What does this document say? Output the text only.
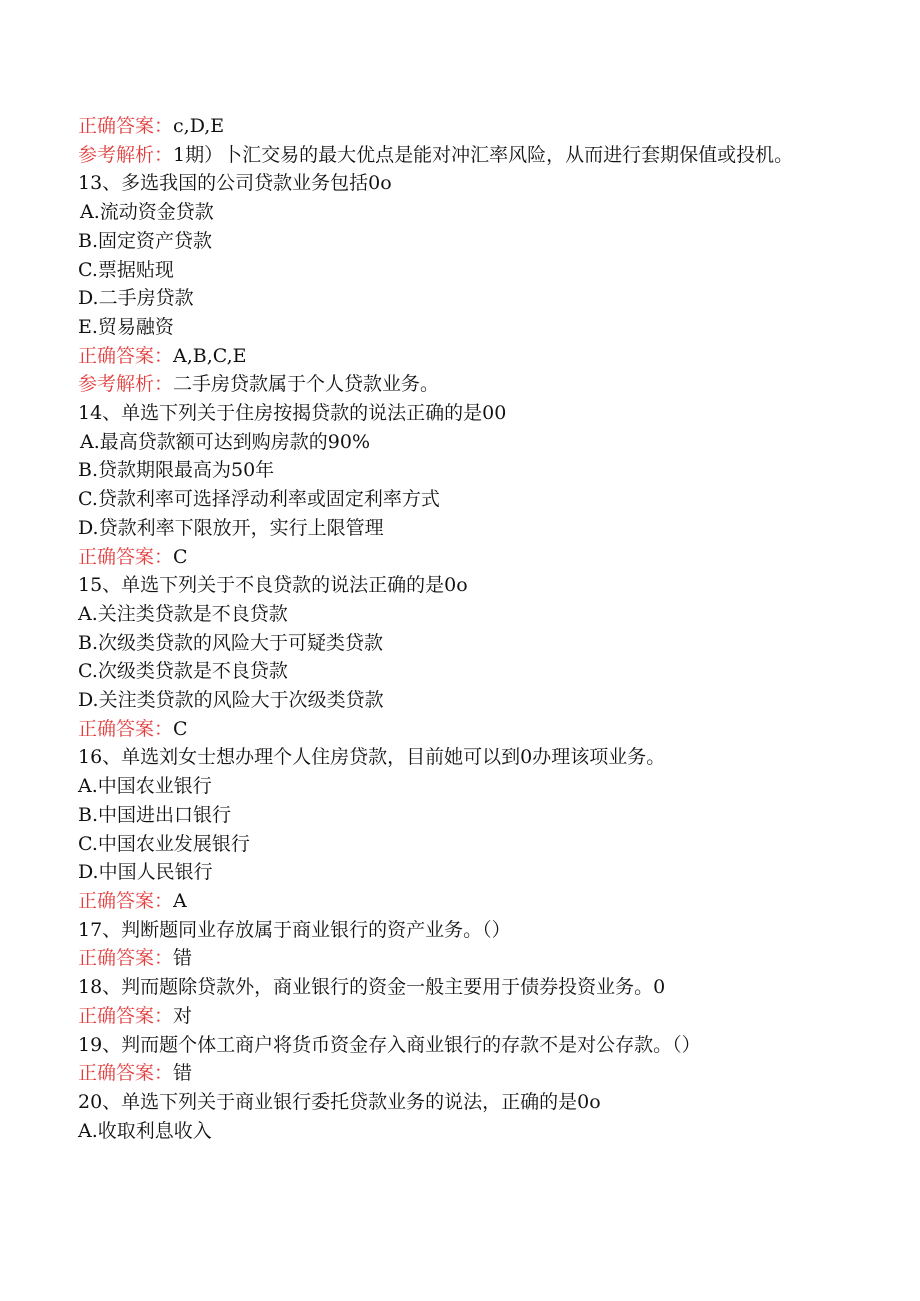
正确答案：c,D,E
参考解析：1期）卜汇交易的最大优点是能对冲汇率风险，从而进行套期保值或投机。
13、多选我国的公司贷款业务包括0o
A.流动资金贷款
B.固定资产贷款
C.票据贴现
D.二手房贷款
E.贸易融资
正确答案：A,B,C,E
参考解析：二手房贷款属于个人贷款业务。
14、单选下列关于住房按揭贷款的说法正确的是00
A.最高贷款额可达到购房款的90%
B.贷款期限最高为50年
C.贷款利率可选择浮动利率或固定利率方式
D.贷款利率下限放开，实行上限管理
正确答案：C
15、单选下列关于不良贷款的说法正确的是0o
A.关注类贷款是不良贷款
B.次级类贷款的风险大于可疑类贷款
C.次级类贷款是不良贷款
D.关注类贷款的风险大于次级类贷款
正确答案：C
16、单选刘女士想办理个人住房贷款，目前她可以到0办理该项业务。
A.中国农业银行
B.中国进出口银行
C.中国农业发展银行
D.中国人民银行
正确答案：A
17、判断题同业存放属于商业银行的资产业务。（）
正确答案：错
18、判而题除贷款外，商业银行的资金一般主要用于债券投资业务。0
正确答案：对
19、判而题个体工商户将货币资金存入商业银行的存款不是对公存款。（）
正确答案：错
20、单选下列关于商业银行委托贷款业务的说法，正确的是0o
A.收取利息收入
